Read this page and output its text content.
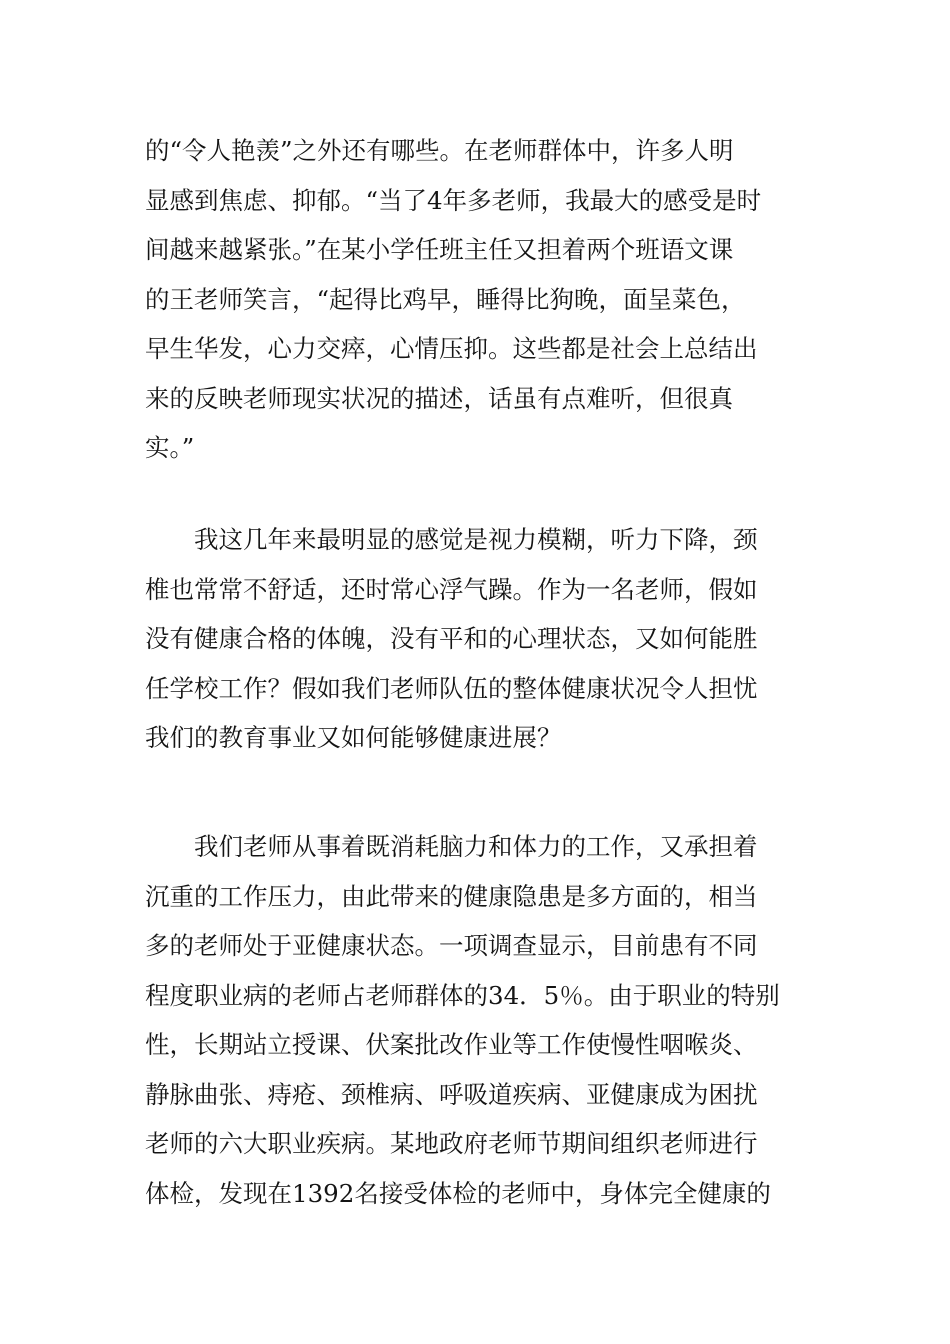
的“令人艳羡”之外还有哪些。在老师群体中，许多人明
显感到焦虑、抑郁。“当了4年多老师，我最大的感受是时
间越来越紧张。”在某小学任班主任又担着两个班语文课
的王老师笑言，“起得比鸡早，睡得比狗晚，面呈菜色，
早生华发，心力交瘁，心情压抑。这些都是社会上总结出
来的反映老师现实状况的描述，话虽有点难听，但很真
实。”
我这几年来最明显的感觉是视力模糊，听力下降，颈
椎也常常不舒适，还时常心浮气躁。作为一名老师，假如
没有健康合格的体魄，没有平和的心理状态，又如何能胜
任学校工作？假如我们老师队伍的整体健康状况令人担忧
我们的教育事业又如何能够健康进展？
我们老师从事着既消耗脑力和体力的工作，又承担着
沉重的工作压力，由此带来的健康隐患是多方面的，相当
多的老师处于亚健康状态。一项调查显示，目前患有不同
程度职业病的老师占老师群体的34．5％。由于职业的特别
性，长期站立授课、伏案批改作业等工作使慢性咽喉炎、
静脉曲张、痔疮、颈椎病、呼吸道疾病、亚健康成为困扰
老师的六大职业疾病。某地政府老师节期间组织老师进行
体检，发现在1392名接受体检的老师中，身体完全健康的
